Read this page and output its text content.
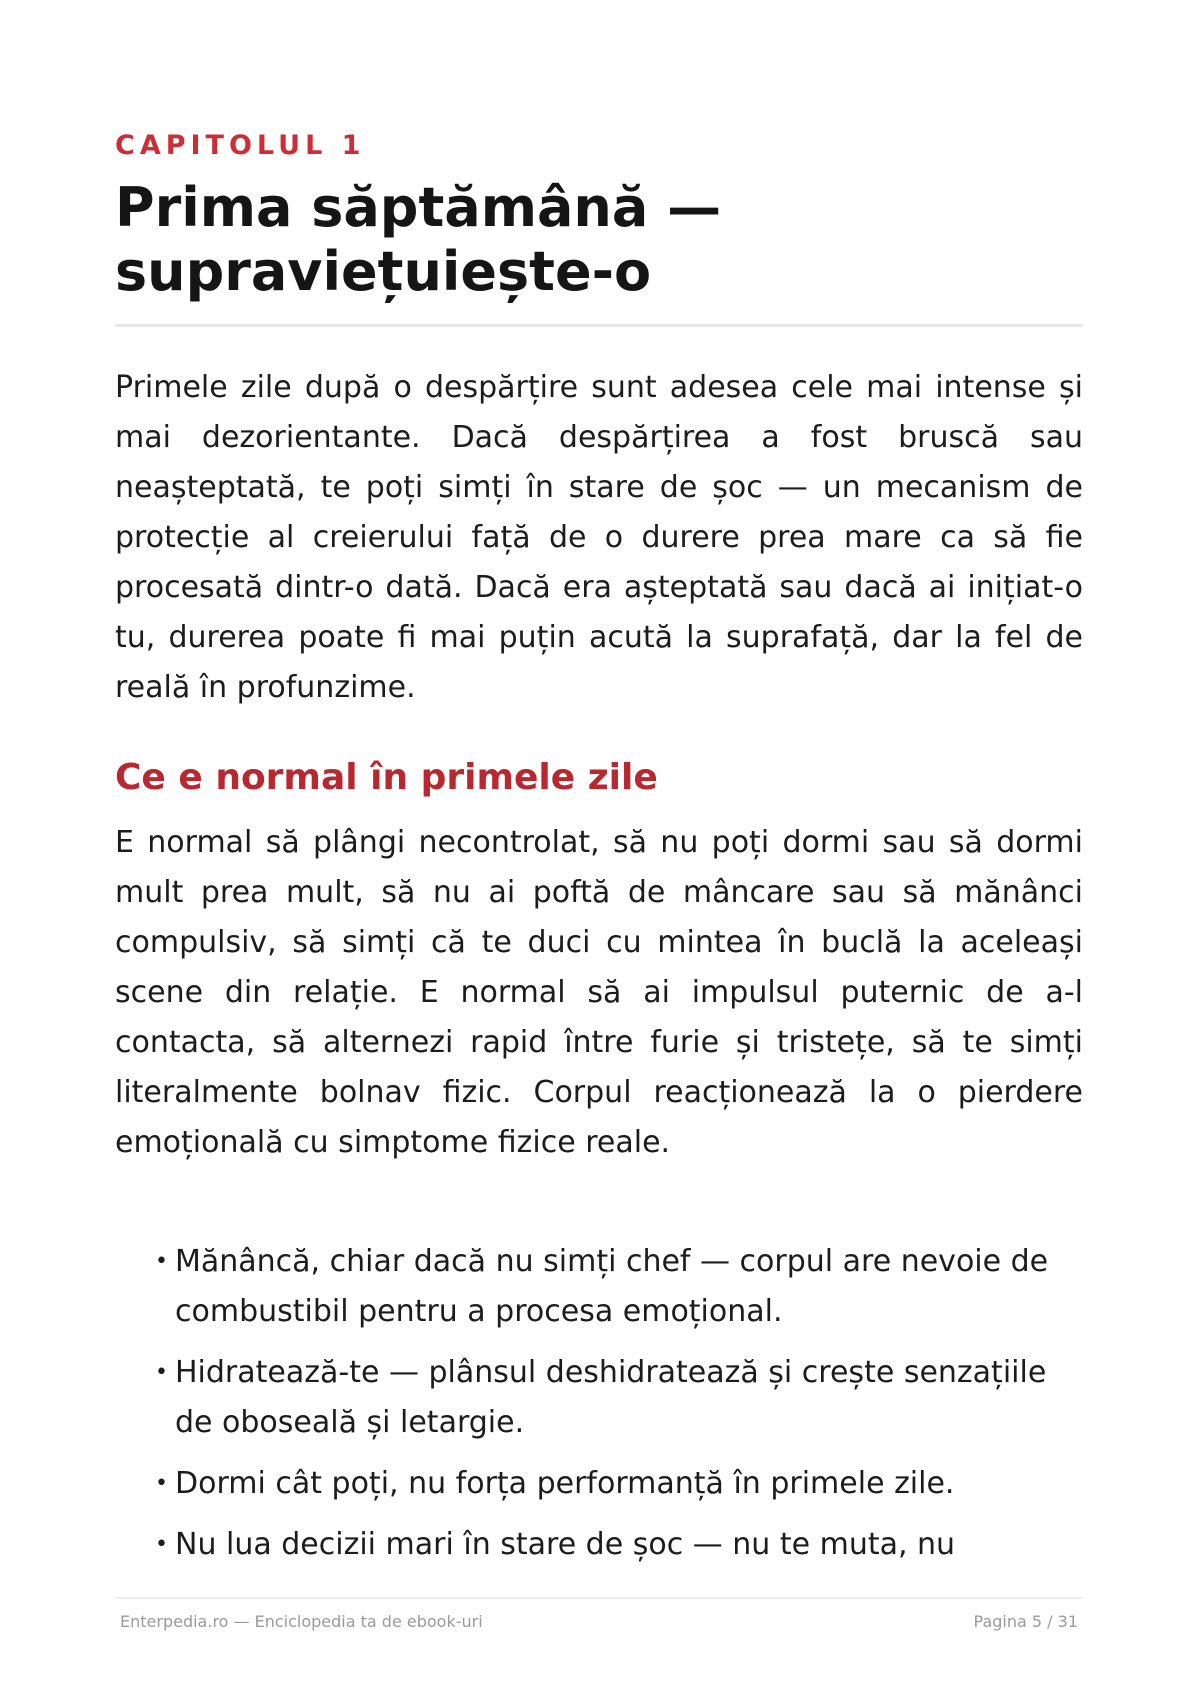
CAPITOLUL 1
Prima săptămână —
supraviețuiește-o

Primele zile după o despărțire sunt adesea cele mai intense și mai dezorientante. Dacă despărțirea a fost bruscă sau neașteptată, te poți simți în stare de șoc — un mecanism de protecție al creierului față de o durere prea mare ca să fie procesată dintr-o dată. Dacă era așteptată sau dacă ai inițiat-o tu, durerea poate fi mai puțin acută la suprafață, dar la fel de reală în profunzime.

Ce e normal în primele zile

E normal să plângi necontrolat, să nu poți dormi sau să dormi mult prea mult, să nu ai poftă de mâncare sau să mănânci compulsiv, să simți că te duci cu mintea în buclă la aceleași scene din relație. E normal să ai impulsul puternic de a-l contacta, să alternezi rapid între furie și tristețe, să te simți literalmente bolnav fizic. Corpul reacționează la o pierdere emoțională cu simptome fizice reale.

• Mănâncă, chiar dacă nu simți chef — corpul are nevoie de combustibil pentru a procesa emoțional.
• Hidratează-te — plânsul deshidratează și crește senzațiile de oboseală și letargie.
• Dormi cât poți, nu forța performanță în primele zile.
• Nu lua decizii mari în stare de șoc — nu te muta, nu
Enterpedia.ro — Enciclopedia ta de ebook-uri	Pagina 5 / 31
